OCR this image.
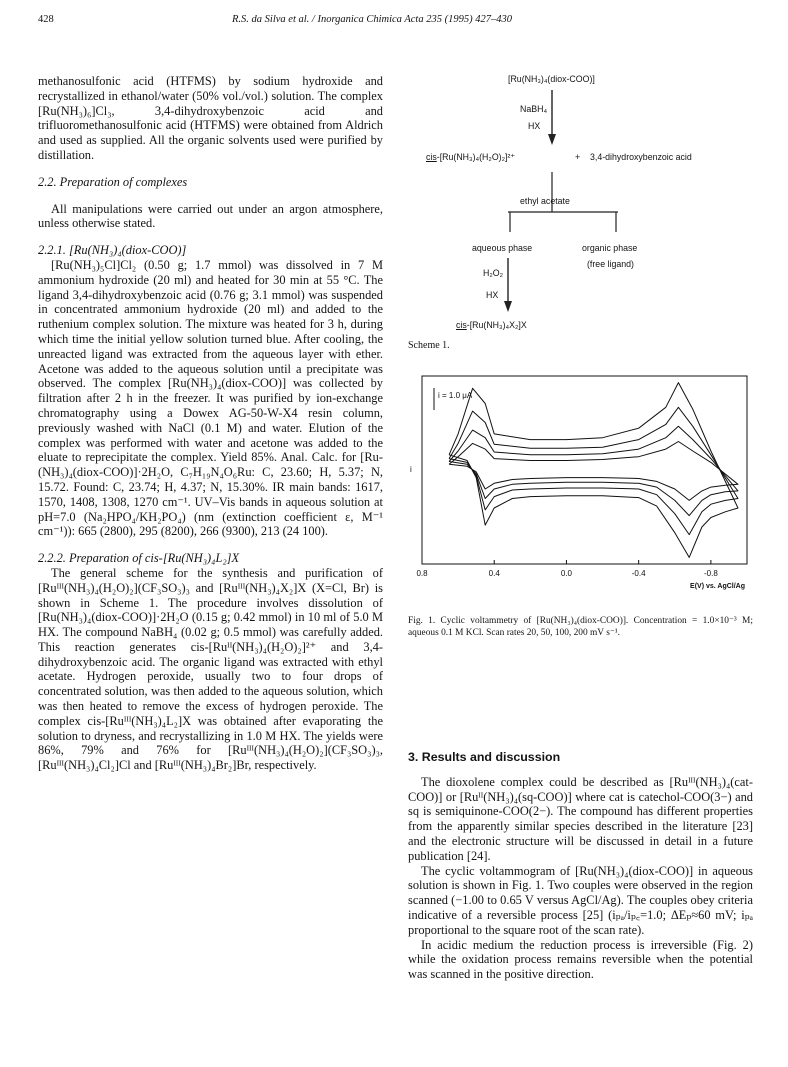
428	R.S. da Silva et al. / Inorganica Chimica Acta 235 (1995) 427–430

methanosulfonic acid (HTFMS) by sodium hydroxide and recrystallized in ethanol/water (50% vol./vol.) solution. The complex [Ru(NH₃)₆]Cl₃, 3,4-dihydroxybenzoic acid and trifluoromethanosulfonic acid (HTFMS) were obtained from Aldrich and used as supplied. All the organic solvents used were purified by distillation.

2.2. Preparation of complexes

All manipulations were carried out under an argon atmosphere, unless otherwise stated.

2.2.1. [Ru(NH₃)₄(diox-COO)]

[Ru(NH₃)₅Cl]Cl₂ (0.50 g; 1.7 mmol) was dissolved in 7 M ammonium hydroxide (20 ml) and heated for 30 min at 55 °C. The ligand 3,4-dihydroxybenzoic acid (0.76 g; 3.1 mmol) was suspended in concentrated ammonium hydroxide (20 ml) and added to the ruthenium complex solution. The mixture was heated for 3 h, during which time the initial yellow solution turned blue. After cooling, the unreacted ligand was extracted from the aqueous layer with ether. Acetone was added to the aqueous solution until a precipitate was observed. The complex [Ru(NH₃)₄(diox-COO)] was collected by filtration after 2 h in the freezer. It was purified by ion-exchange chromatography using a Dowex AG-50-W-X4 resin column, previously washed with NaCl (0.1 M) and water. Elution of the complex was performed with water and acetone was added to the eluate to reprecipitate the complex. Yield 85%. Anal. Calc. for [Ru-(NH₃)₄(diox-COO)]·2H₂O, C₇H₁₉N₄O₆Ru: C, 23.60; H, 5.37; N, 15.72. Found: C, 23.74; H, 4.37; N, 15.30%. IR main bands: 1617, 1570, 1408, 1308, 1270 cm⁻¹. UV–Vis bands in aqueous solution at pH=7.0 (Na₂HPO₄/KH₂PO₄) (nm (extinction coefficient ε, M⁻¹ cm⁻¹)): 665 (2800), 295 (8200), 266 (9300), 213 (24 100).

2.2.2. Preparation of cis-[Ru(NH₃)₄L₂]X

The general scheme for the synthesis and purification of [Ruᴵᴵᴵ(NH₃)₄(H₂O)₂](CF₃SO₃)₃ and [Ruᴵᴵᴵ(NH₃)₄X₂]X (X=Cl, Br) is shown in Scheme 1. The procedure involves dissolution of [Ru(NH₃)₄(diox-COO)]·2H₂O (0.15 g; 0.42 mmol) in 10 ml of 5.0 M HX. The compound NaBH₄ (0.02 g; 0.5 mmol) was carefully added. This reaction generates cis-[Ruᴵᴵ(NH₃)₄(H₂O)₂]²⁺ and 3,4-dihydroxybenzoic acid. The organic ligand was extracted with ethyl acetate. Hydrogen peroxide, usually two to four drops of concentrated solution, was then added to the aqueous solution, which was then heated to remove the excess of hydrogen peroxide. The complex cis-[Ruᴵᴵᴵ(NH₃)₄L₂]X was obtained after evaporating the solution to dryness, and recrystallizing in 1.0 M HX. The yields were 86%, 79% and 76% for [Ruᴵᴵᴵ(NH₃)₄(H₂O)₂](CF₃SO₃)₃, [Ruᴵᴵᴵ(NH₃)₄Cl₂]Cl and [Ruᴵᴵᴵ(NH₃)₄Br₂]Br, respectively.

[Ru(NH₃)₄(diox-COO)]
NaBH₄
HX
cis-[Ru(NH₃)₄(H₂O)₂]²⁺	+ 3,4-dihydroxybenzoic acid
ethyl acetate
aqueous phase	organic phase
(free ligand)
H₂O₂
HX
cis-[Ru(NH₃)₄X₂]X
Scheme 1.
0.8	0.4	0.0	-0.4	-0.8
i = 1.0 μA
i
E(V) vs. AgCl/Ag
Fig. 1. Cyclic voltammetry of [Ru(NH₃)₄(diox-COO)]. Concentration = 1.0×10⁻³ M; aqueous 0.1 M KCl. Scan rates 20, 50, 100, 200 mV s⁻¹.
3. Results and discussion

The dioxolene complex could be described as [Ruᴵᴵᴵ(NH₃)₄(cat-COO)] or [Ruᴵᴵ(NH₃)₄(sq-COO)] where cat is catechol-COO(3−) and sq is semiquinone-COO(2−). The compound has different properties from the apparently similar species described in the literature [23] and the electronic structure will be discussed in detail in a future publication [24].

The cyclic voltammogram of [Ru(NH₃)₄(diox-COO)] in aqueous solution is shown in Fig. 1. Two couples were observed in the region scanned (−1.00 to 0.65 V versus AgCl/Ag). The couples obey criteria indicative of a reversible process [25] (iₚₐ/iₚ꜀=1.0; ΔEₚ≈60 mV; iₚₐ proportional to the square root of the scan rate).

In acidic medium the reduction process is irreversible (Fig. 2) while the oxidation process remains reversible when the potential was scanned in the positive direction.
